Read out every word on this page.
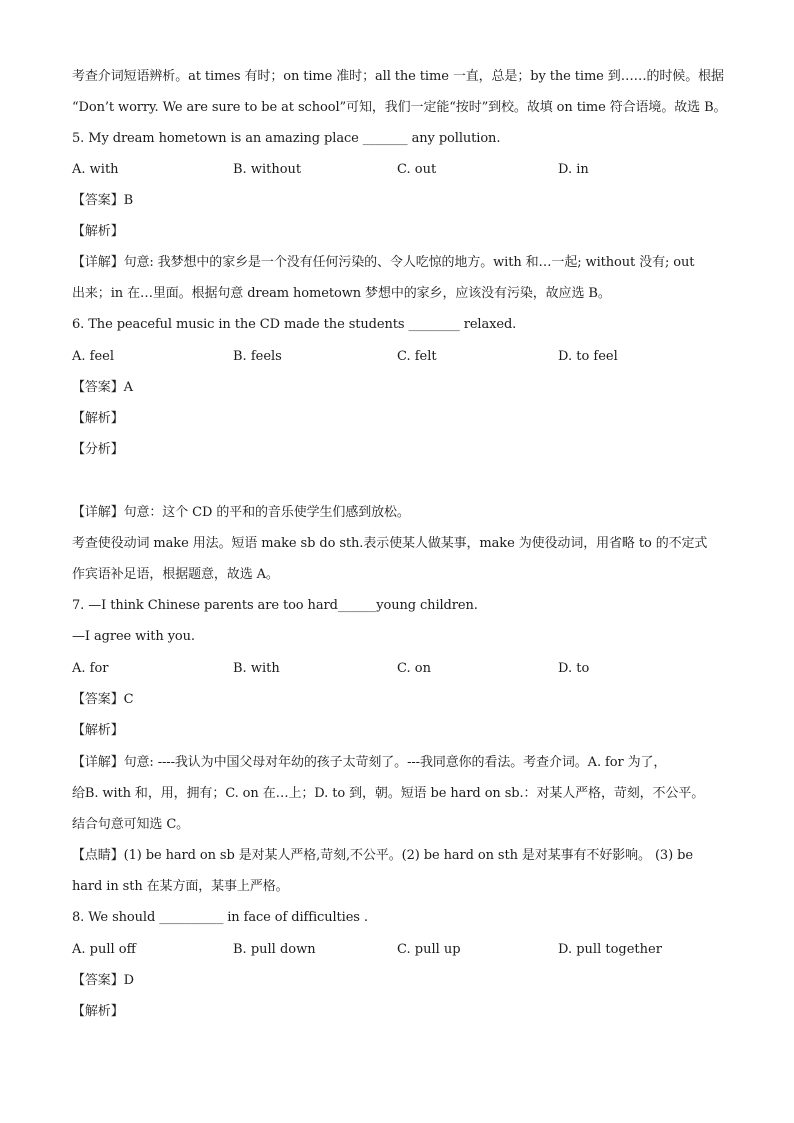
考查介词短语辨析。at times 有时；on time 准时；all the time 一直，总是；by the time 到……的时候。根据
“Don’t worry. We are sure to be at school”可知，我们一定能“按时”到校。故填 on time 符合语境。故选 B。
5. My dream hometown is an amazing place _______ any pollution.
A. with	B. without	C. out	D. in
【答案】B
【解析】
【详解】句意: 我梦想中的家乡是一个没有任何污染的、令人吃惊的地方。with 和…一起; without 没有; out
出来；in 在…里面。根据句意 dream hometown 梦想中的家乡，应该没有污染，故应选 B。
6. The peaceful music in the CD made the students ________ relaxed.
A. feel	B. feels	C. felt	D. to feel
【答案】A
【解析】
【分析】
【详解】句意：这个 CD 的平和的音乐使学生们感到放松。
考查使役动词 make 用法。短语 make sb do sth.表示使某人做某事，make 为使役动词，用省略 to 的不定式
作宾语补足语，根据题意，故选 A。
7. —I think Chinese parents are too hard______young children.
—I agree with you.
A. for	B. with	C. on	D. to
【答案】C
【解析】
【详解】句意: ----我认为中国父母对年幼的孩子太苛刻了。---我同意你的看法。考查介词。A. for 为了，
给B. with 和，用，拥有；C. on 在…上；D. to 到，朝。短语 be hard on sb.：对某人严格，苛刻，不公平。
结合句意可知选 C。
【点睛】(1) be hard on sb 是对某人严格,苛刻,不公平。(2) be hard on sth 是对某事有不好影响。 (3) be
hard in sth 在某方面，某事上严格。
8. We should __________ in face of difficulties .
A. pull off	B. pull down	C. pull up	D. pull together
【答案】D
【解析】
